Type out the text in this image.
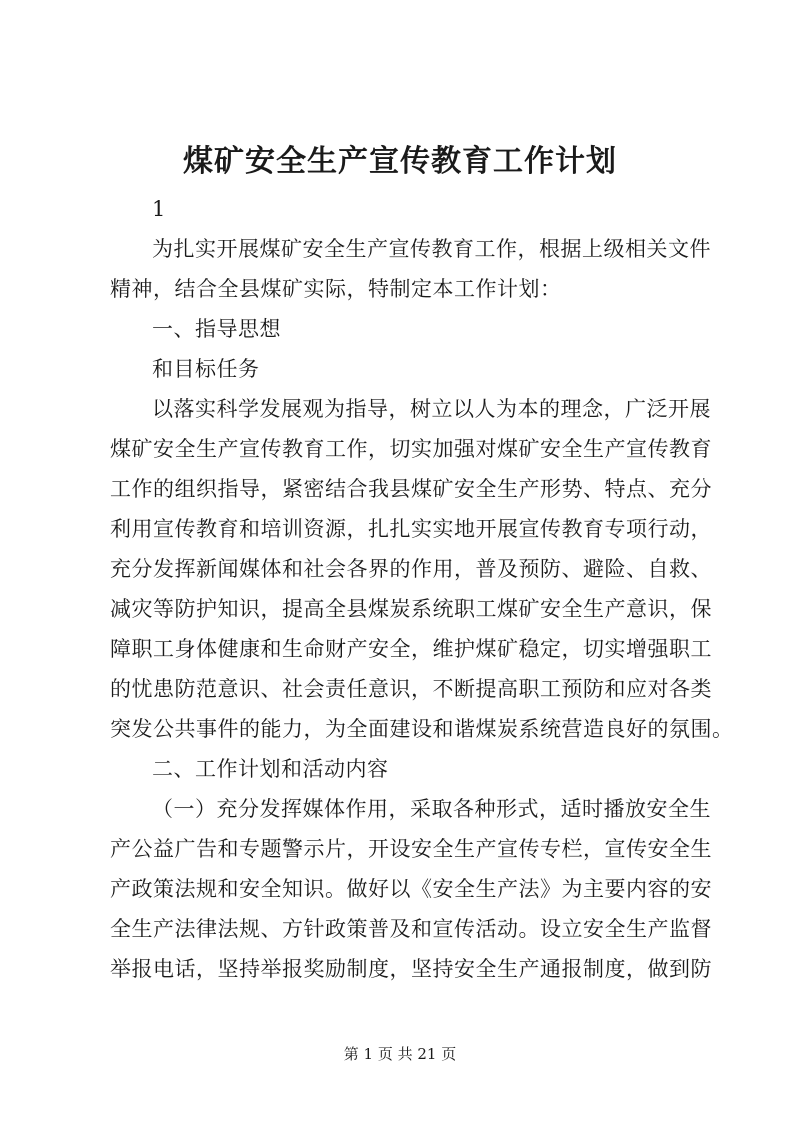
煤矿安全生产宣传教育工作计划

1

为扎实开展煤矿安全生产宣传教育工作，根据上级相关文件

精神，结合全县煤矿实际，特制定本工作计划：

一、指导思想

和目标任务

以落实科学发展观为指导，树立以人为本的理念，广泛开展

煤矿安全生产宣传教育工作，切实加强对煤矿安全生产宣传教育

工作的组织指导，紧密结合我县煤矿安全生产形势、特点、充分

利用宣传教育和培训资源，扎扎实实地开展宣传教育专项行动，

充分发挥新闻媒体和社会各界的作用，普及预防、避险、自救、

减灾等防护知识，提高全县煤炭系统职工煤矿安全生产意识，保

障职工身体健康和生命财产安全，维护煤矿稳定，切实增强职工

的忧患防范意识、社会责任意识，不断提高职工预防和应对各类

突发公共事件的能力，为全面建设和谐煤炭系统营造良好的氛围。

二、工作计划和活动内容

（一）充分发挥媒体作用，采取各种形式，适时播放安全生

产公益广告和专题警示片，开设安全生产宣传专栏，宣传安全生

产政策法规和安全知识。做好以《安全生产法》为主要内容的安

全生产法律法规、方针政策普及和宣传活动。设立安全生产监督

举报电话，坚持举报奖励制度，坚持安全生产通报制度，做到防

第 1 页 共 21 页
